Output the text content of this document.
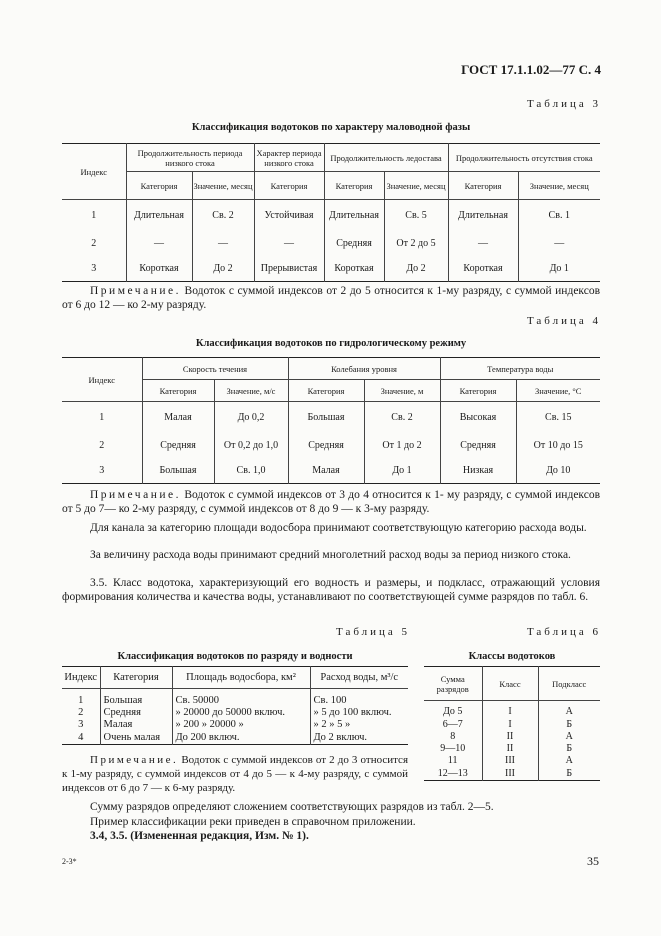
ГОСТ 17.1.1.02—77 С. 4
Таблица 3
Классификация водотоков по характеру маловодной фазы
Индекс	Продолжительность периода низкого стока		Характер периода низкого стока	Продолжительность ледостава		Продолжительность отсутствия стока	
	Категория	Значение, месяц	Категория	Категория	Значение, месяц	Категория	Значение, месяц
1	Длительная	Св. 2	Устойчивая	Длительная	Св. 5	Длительная	Св. 1
2	—	—	—	Средняя	От 2 до 5	—	—
3	Короткая	До 2	Прерывистая	Короткая	До 2	Короткая	До 1
Примечание. Водоток с суммой индексов от 2 до 5 относится к 1-му разряду, с суммой индексов от 6 до 12 — ко 2-му разряду.
Таблица 4
Классификация водотоков по гидрологическому режиму
Индекс	Скорость течения		Колебания уровня		Температура воды	
	Категория	Значение, м/с	Категория	Значение, м	Категория	Значение, °С
1	Малая	До 0,2	Большая	Св. 2	Высокая	Св. 15
2	Средняя	От 0,2 до 1,0	Средняя	От 1 до 2	Средняя	От 10 до 15
3	Большая	Св. 1,0	Малая	До 1	Низкая	До 10
Примечание. Водоток с суммой индексов от 3 до 4 относится к 1- му разряду, с суммой индексов от 5 до 7— ко 2-му разряду, с суммой индексов от 8 до 9 — к 3-му разряду.
Для канала за категорию площади водосбора принимают соответствующую категорию расхода воды.
За величину расхода воды принимают средний многолетний расход воды за период низкого стока.
3.5. Класс водотока, характеризующий его водность и размеры, и подкласс, отражающий условия формирования количества и качества воды, устанавливают по соответствующей сумме разрядов по табл. 6.
Таблица 5
Классификация водотоков по разряду и водности
Индекс	Категория	Площадь водосбора, км²	Расход воды, м³/с
1	Большая	Св. 50000	Св. 100
2	Средняя	» 20000 до 50000 включ.	» 5 до 100 включ.
3	Малая	» 200 » 20000 »	» 2 » 5 »
4	Очень малая	До 200 включ.	До 2 включ.
Примечание. Водоток с суммой индексов от 2 до 3 относится к 1-му разряду, с суммой индексов от 4 до 5 — к 4-му разряду, с суммой индексов от 6 до 7 — к 6-му разряду.
Таблица 6
Классы водотоков
Сумма разрядов	Класс	Подкласс
До 5	I	А
6—7	I	Б
8	II	А
9—10	II	Б
11	III	А
12—13	III	Б
Сумму разрядов определяют сложением соответствующих разрядов из табл. 2—5.
Пример классификации реки приведен в справочном приложении.
3.4, 3.5. (Измененная редакция, Изм. № 1).
2-3*	35
